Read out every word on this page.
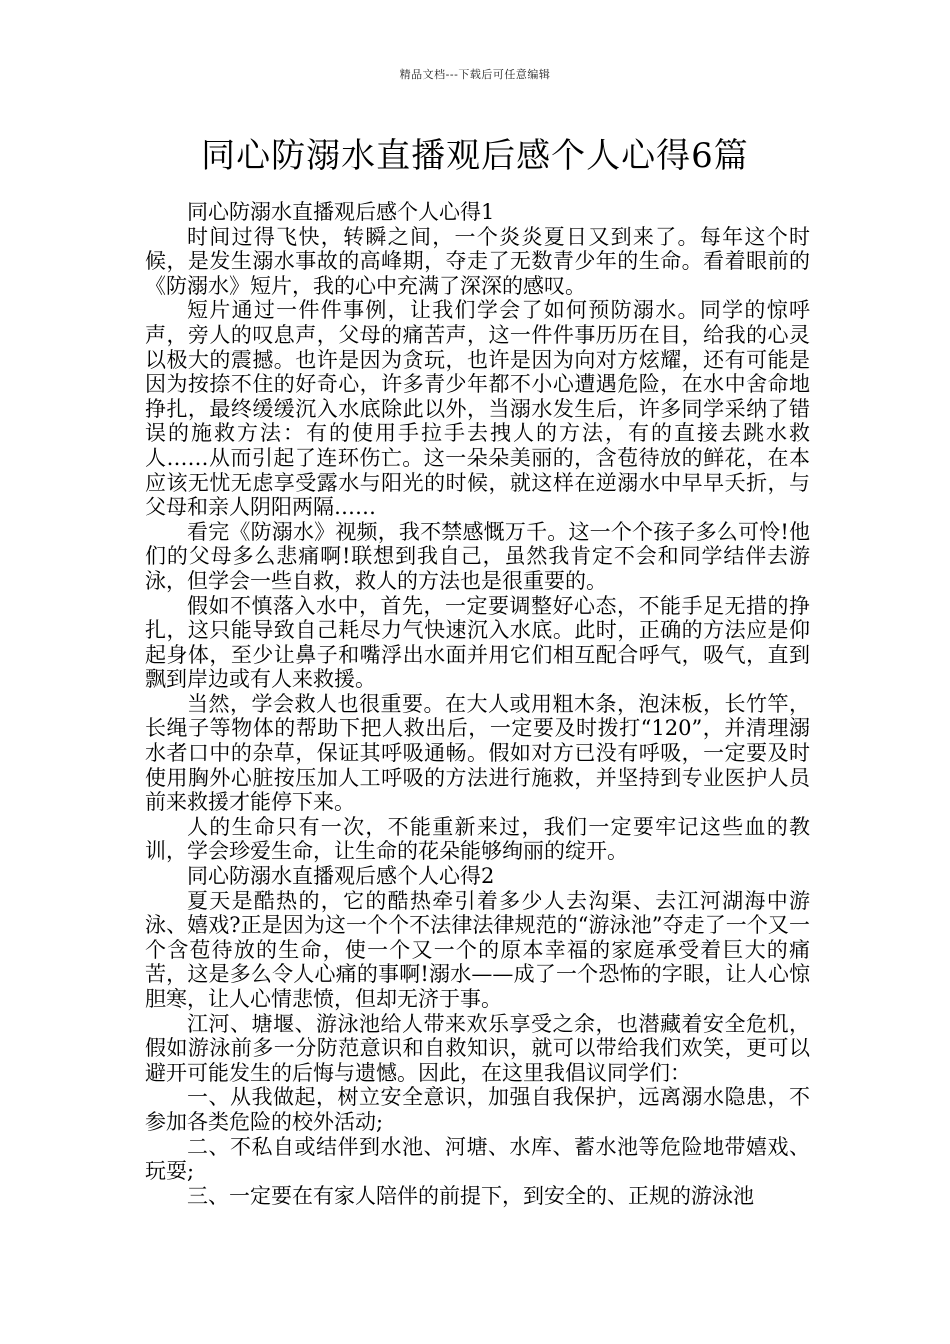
精品文档---下载后可任意编辑
同心防溺水直播观后感个人心得6篇

同心防溺水直播观后感个人心得1

时间过得飞快，转瞬之间，一个炎炎夏日又到来了。每年这个时候，是发生溺水事故的高峰期，夺走了无数青少年的生命。看着眼前的《防溺水》短片，我的心中充满了深深的感叹。

短片通过一件件事例，让我们学会了如何预防溺水。同学的惊呼声，旁人的叹息声，父母的痛苦声，这一件件事历历在目，给我的心灵以极大的震撼。也许是因为贪玩，也许是因为向对方炫耀，还有可能是因为按捺不住的好奇心，许多青少年都不小心遭遇危险，在水中舍命地挣扎，最终缓缓沉入水底除此以外，当溺水发生后，许多同学采纳了错误的施救方法：有的使用手拉手去拽人的方法，有的直接去跳水救人……从而引起了连环伤亡。这一朵朵美丽的，含苞待放的鲜花，在本应该无忧无虑享受露水与阳光的时候，就这样在逆溺水中早早夭折，与父母和亲人阴阳两隔……

看完《防溺水》视频，我不禁感慨万千。这一个个孩子多么可怜!他们的父母多么悲痛啊!联想到我自己，虽然我肯定不会和同学结伴去游泳，但学会一些自救，救人的方法也是很重要的。

假如不慎落入水中，首先，一定要调整好心态，不能手足无措的挣扎，这只能导致自己耗尽力气快速沉入水底。此时，正确的方法应是仰起身体，至少让鼻子和嘴浮出水面并用它们相互配合呼气，吸气，直到飘到岸边或有人来救援。

当然，学会救人也很重要。在大人或用粗木条，泡沫板，长竹竿，长绳子等物体的帮助下把人救出后，一定要及时拨打“120”，并清理溺水者口中的杂草，保证其呼吸通畅。假如对方已没有呼吸，一定要及时使用胸外心脏按压加人工呼吸的方法进行施救，并坚持到专业医护人员前来救援才能停下来。

人的生命只有一次，不能重新来过，我们一定要牢记这些血的教训，学会珍爱生命，让生命的花朵能够绚丽的绽开。

同心防溺水直播观后感个人心得2

夏天是酷热的，它的酷热牵引着多少人去沟渠、去江河湖海中游泳、嬉戏?正是因为这一个个不法律法律规范的“游泳池”夺走了一个又一个含苞待放的生命，使一个又一个的原本幸福的家庭承受着巨大的痛苦，这是多么令人心痛的事啊!溺水——成了一个恐怖的字眼，让人心惊胆寒，让人心情悲愤，但却无济于事。

江河、塘堰、游泳池给人带来欢乐享受之余，也潜藏着安全危机，假如游泳前多一分防范意识和自救知识，就可以带给我们欢笑，更可以避开可能发生的后悔与遗憾。因此，在这里我倡议同学们：

一、从我做起，树立安全意识，加强自我保护，远离溺水隐患，不参加各类危险的校外活动;

二、不私自或结伴到水池、河塘、水库、蓄水池等危险地带嬉戏、玩耍;

三、一定要在有家人陪伴的前提下，到安全的、正规的游泳池
